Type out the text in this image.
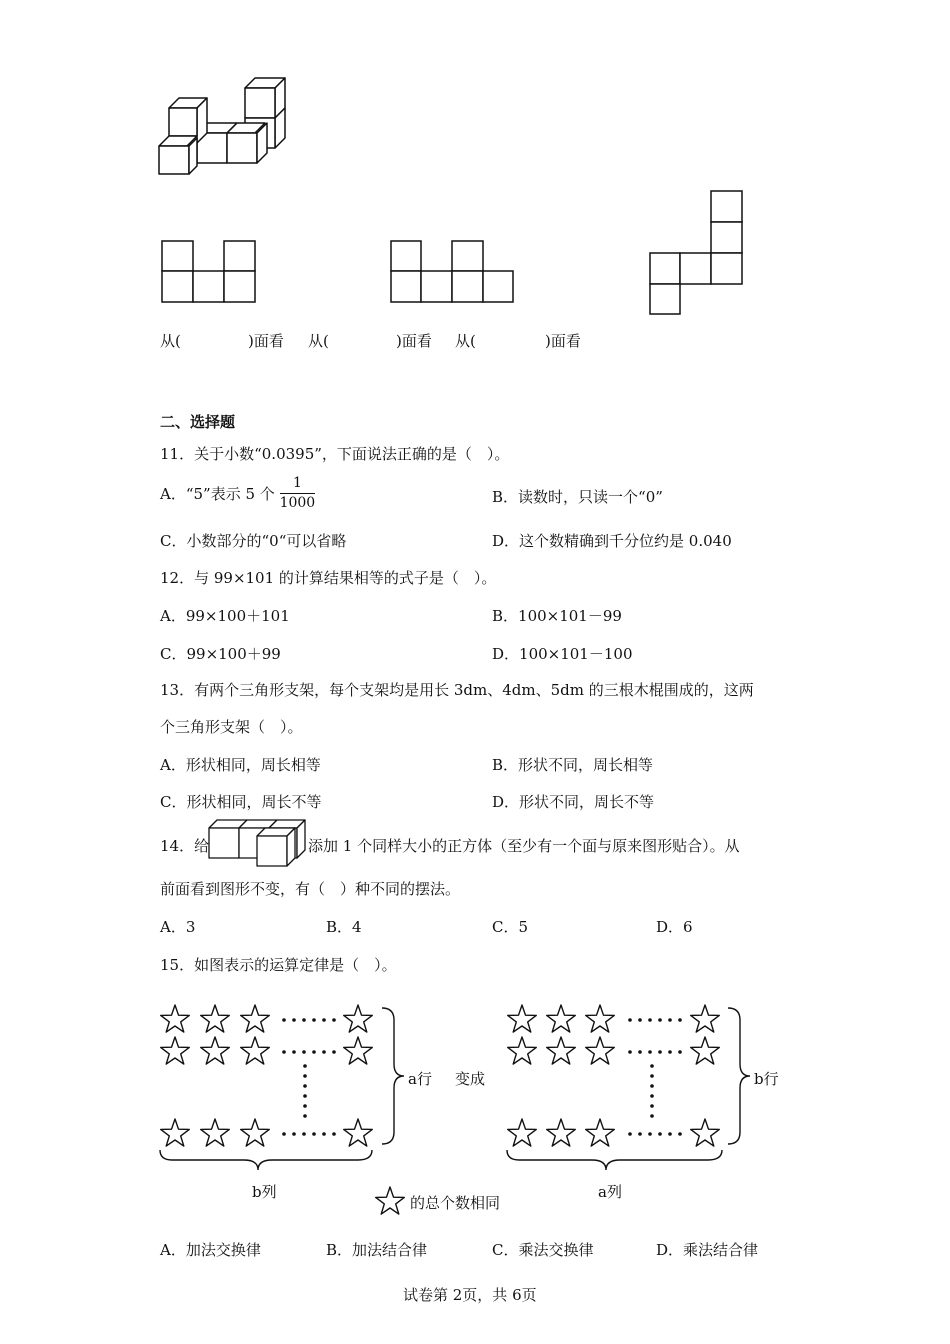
从(	)面看 从(	)面看 从(	)面看
二、选择题
11．关于小数“0.0395”，下面说法正确的是（　）。
A．“5”表示 5 个 $\frac{1}{1000}$	B．读数时，只读一个“0”
C．小数部分的“0“可以省略	D．这个数精确到千分位约是 0.040
12．与 99×101 的计算结果相等的式子是（　）。
A．99×100＋101	B．100×101－99
C．99×100＋99	D．100×101－100
13．有两个三角形支架，每个支架均是用长 3dm、4dm、5dm 的三根木棍围成的，这两
个三角形支架（　）。
A．形状相同，周长相等	B．形状不同，周长相等
C．形状相同，周长不等	D．形状不同，周长不等
14．给	添加 1 个同样大小的正方体（至少有一个面与原来图形贴合）。从
前面看到图形不变，有（　）种不同的摆法。
A．3	B．4	C．5	D．6
15．如图表示的运算定律是（　）。
a行 变成	b行
b列	a列
的总个数相同
A．加法交换律	B．加法结合律	C．乘法交换律	D．乘法结合律
试卷第 2页，共 6页
